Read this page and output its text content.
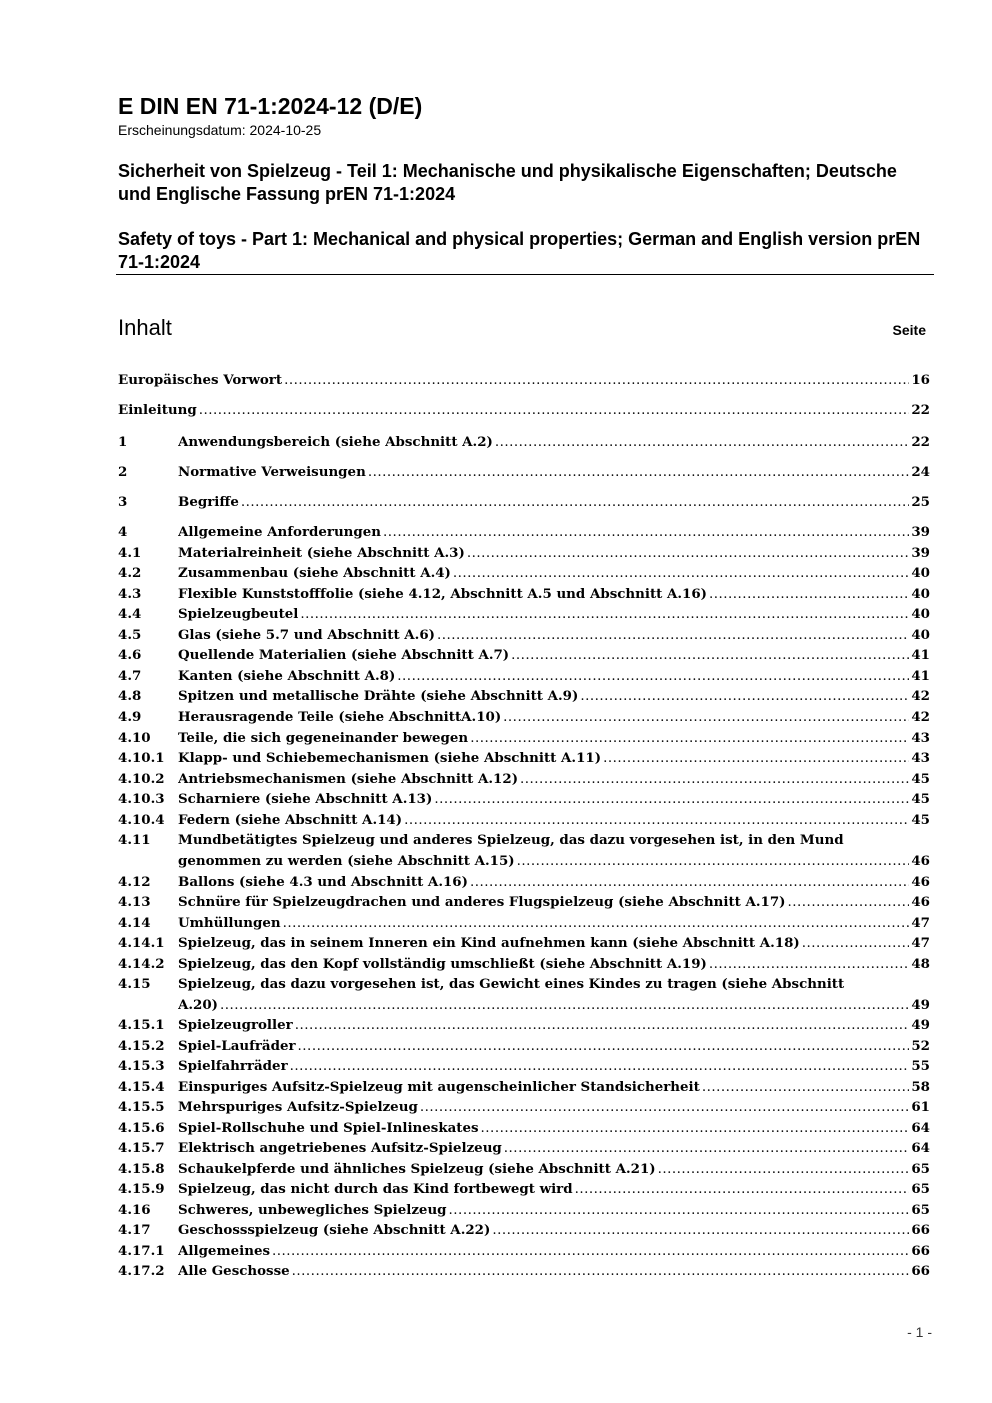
E DIN EN 71-1:2024-12 (D/E)
Erscheinungsdatum: 2024-10-25
Sicherheit von Spielzeug - Teil 1: Mechanische und physikalische Eigenschaften; Deutsche und Englische Fassung prEN 71-1:2024
Safety of toys - Part 1: Mechanical and physical properties; German and English version prEN 71-1:2024
Inhalt	Seite
Europäisches Vorwort .....	16
Einleitung .....	22
1	Anwendungsbereich (siehe Abschnitt A.2) .....	22
2	Normative Verweisungen .....	24
3	Begriffe .....	25
4	Allgemeine Anforderungen .....	39
4.1	Materialreinheit (siehe Abschnitt A.3) .....	39
4.2	Zusammenbau (siehe Abschnitt A.4) .....	40
4.3	Flexible Kunststofffolie (siehe 4.12, Abschnitt A.5 und Abschnitt A.16) .....	40
4.4	Spielzeugbeutel .....	40
4.5	Glas (siehe 5.7 und Abschnitt A.6) .....	40
4.6	Quellende Materialien (siehe Abschnitt A.7) .....	41
4.7	Kanten (siehe Abschnitt A.8) .....	41
4.8	Spitzen und metallische Drähte (siehe Abschnitt A.9) .....	42
4.9	Herausragende Teile (siehe AbschnittA.10) .....	42
4.10 Teile, die sich gegeneinander bewegen .....	43
4.10.1 Klapp- und Schiebemechanismen (siehe Abschnitt A.11) .....	43
4.10.2 Antriebsmechanismen (siehe Abschnitt A.12) .....	45
4.10.3 Scharniere (siehe Abschnitt A.13) .....	45
4.10.4 Federn (siehe Abschnitt A.14) .....	45
4.11 Mundbetätigtes Spielzeug und anderes Spielzeug, das dazu vorgesehen ist, in den Mund
genommen zu werden (siehe Abschnitt A.15) .....	46
4.12 Ballons (siehe 4.3 und Abschnitt A.16) .....	46
4.13 Schnüre für Spielzeugdrachen und anderes Flugspielzeug (siehe Abschnitt A.17) .....	46
4.14 Umhüllungen .....	47
4.14.1 Spielzeug, das in seinem Inneren ein Kind aufnehmen kann (siehe Abschnitt A.18) .....	47
4.14.2 Spielzeug, das den Kopf vollständig umschließt (siehe Abschnitt A.19) .....	48
4.15 Spielzeug, das dazu vorgesehen ist, das Gewicht eines Kindes zu tragen (siehe Abschnitt
A.20) .....	49
4.15.1 Spielzeugroller .....	49
4.15.2 Spiel-Laufräder .....	52
4.15.3 Spielfahrräder .....	55
4.15.4 Einspuriges Aufsitz-Spielzeug mit augenscheinlicher Standsicherheit .....	58
4.15.5 Mehrspuriges Aufsitz-Spielzeug .....	61
4.15.6 Spiel-Rollschuhe und Spiel-Inlineskates .....	64
4.15.7 Elektrisch angetriebenes Aufsitz-Spielzeug .....	64
4.15.8 Schaukelpferde und ähnliches Spielzeug (siehe Abschnitt A.21) .....	65
4.15.9 Spielzeug, das nicht durch das Kind fortbewegt wird .....	65
4.16 Schweres, unbewegliches Spielzeug .....	65
4.17 Geschossspielzeug (siehe Abschnitt A.22) .....	66
4.17.1 Allgemeines .....	66
4.17.2 Alle Geschosse .....	66
- 1 -
